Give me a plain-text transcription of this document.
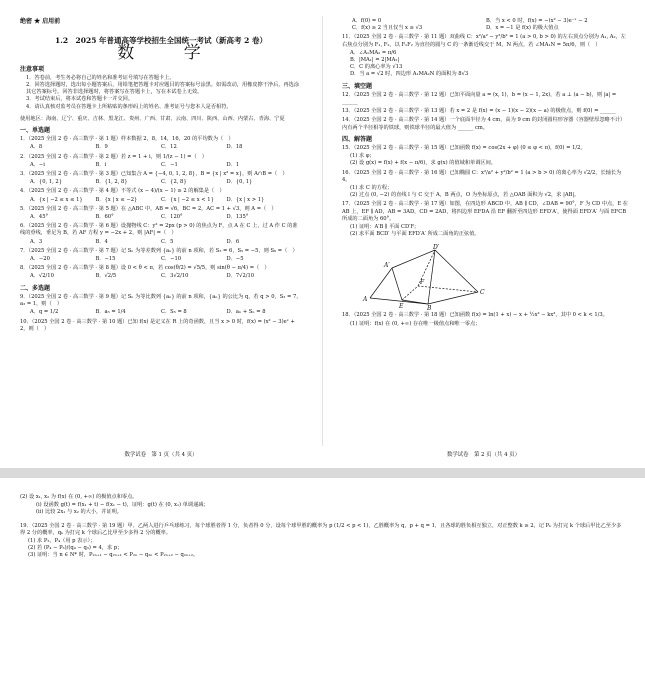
绝密 ★ 启用前
1.2　2025 年普通高等学校招生全国统一考试（新高考 2 卷）
数 学
注意事项
1．答卷前，考生务必将自己的姓名和准考证号填写在答题卡上。
2．回答选择题时，选出每小题答案后，用铅笔把答题卡对应题目的答案标号涂黑。如需改动，用橡皮擦干净后，再选涂其它答案标号。回答非选择题时，将答案写在答题卡上，写在本试卷上无效。
3．考试结束后，将本试卷和答题卡一并交回。
4．请认真核对监考员在答题卡上所粘贴的条形码上的姓名、准考证号与您本人是否相符。
使用地区：海南、辽宁、重庆、吉林、黑龙江、贵州、广西、甘肃、云南、四川、陕西、山西、内蒙古、青海、宁夏
一、单选题
1．（2025 全国 2 卷 · 高三数学 · 第 1 题）样本数据 2，8，14，16，20 的平均数为（　）
A．8	B．9	C．12	D．18
2．（2025 全国 2 卷 · 高三数学 · 第 2 题）若 z = 1 + i，则 1/(z − 1) =（　）
A．−i	B．i	C．−1	D．1
3．（2025 全国 2 卷 · 高三数学 · 第 3 题）已知集合 A = {−4, 0, 1, 2, 8}，B = {x | x³ = x}，则 A∩B =（　）
A．{0, 1, 2}	B．{1, 2, 8}	C．{2, 8}	D．{0, 1}
4．（2025 全国 2 卷 · 高三数学 · 第 4 题）不等式 (x − 4)/(x − 1) ≥ 2 的解集是（　）
A．{x | −2 ≤ x ≤ 1}	B．{x | x ≤ −2}	C．{x | −2 ≤ x < 1}	D．{x | x > 1}
5．（2025 全国 2 卷 · 高三数学 · 第 5 题）在 △ABC 中，AB = √6，BC = 2，AC = 1 + √3，则 A =（　）
A．45°	B．60°	C．120°	D．135°
6．（2025 全国 2 卷 · 高三数学 · 第 6 题）设抛物线 C：y² = 2px (p > 0) 的焦点为 F，点 A 在 C 上，过 A 作 C 的准线的垂线，垂足为 B，若 AF 方程 y = −2x + 2，则 |AF| =（　）
A．3	B．4	C．5	D．6
7．（2025 全国 2 卷 · 高三数学 · 第 7 题）记 Sₙ 为等差数列 {aₙ} 的前 n 项和，若 S₃ = 6，S₅ = −5，则 S₆ =（　）
A．−20	B．−15	C．−10	D．−5
8．（2025 全国 2 卷 · 高三数学 · 第 8 题）设 0 < θ < π，若 cos(θ/2) = √5/5，则 sin(θ − π/4) =（　）
A．√2/10	B．√2/5	C．3√2/10	D．7√2/10
二、多选题
9．（2025 全国 2 卷 · 高三数学 · 第 9 题）记 Sₙ 为等比数列 {aₙ} 的前 n 项和，{aₙ} 的公比为 q，若 q > 0，S₃ = 7，a₃ = 1，则（　）
A．q = 1/2	B．a₅ = 1/4	C．S₅ = 8	D．aₙ + Sₙ = 8
10．（2025 全国 2 卷 · 高三数学 · 第 10 题）已知 f(x) 是定义在 R 上的奇函数，且当 x > 0 时，f(x) = (x² − 3)eˣ + 2，则（　）
数学试卷　第 1 页（共 4 页）
A．f(0) = 0	B．当 x < 0 时，f(x) = −(x² − 3)e⁻ˣ − 2
C．f(x) ≥ 2 当且仅当 x ≥ √3	D．x = −1 是 f(x) 的极大值点
11．（2025 全国 2 卷 · 高三数学 · 第 11 题）双曲线 C：x²/a² − y²/b² = 1 (a > 0, b > 0) 的左右顶点分别为 A₁, A₂，左右焦点分别为 F₁, F₂，以 F₁F₂ 为直径的圆与 C 的一条渐近线交于 M，N 两点，若 ∠MA₁N = 5π/6，则（　）
A．∠A₁MA₂ = π/6
B．|MA₁| = 2|MA₂|
C．C 的离心率为 √13
D．当 a = √2 时，四边形 A₁MA₂N 的面积为 8√3
三、填空题
12．（2025 全国 2 卷 · 高三数学 · 第 12 题）已知平面向量 a = (x, 1)，b = (x − 1, 2x)，若 a ⊥ (a − b)，则 |a| = ______
13．（2025 全国 2 卷 · 高三数学 · 第 13 题）若 x = 2 是 f(x) = (x − 1)(x − 2)(x − a) 的极值点，则 f(0) = ______
14．（2025 全国 2 卷 · 高三数学 · 第 14 题）一个底面半径为 4 cm，高为 9 cm 的封闭圆柱形容器（容器壁厚忽略不计）内有两个半径相等的铁球，则铁球半径的最大值为 ______ cm。
四、解答题
15．（2025 全国 2 卷 · 高三数学 · 第 15 题）已知函数 f(x) = cos(2x + φ) (0 ≤ φ < π)，f(0) = 1/2。
(1) 求 φ；
(2) 设 g(x) = f(x) + f(x − π/6)，求 g(x) 的值域和单调区间。
16．（2025 全国 2 卷 · 高三数学 · 第 16 题）已知椭圆 C：x²/a² + y²/b² = 1 (a > b > 0) 的离心率为 √2/2，长轴长为 4。
(1) 求 C 的方程；
(2) 过点 (0, −2) 的直线 l 与 C 交于 A，B 两点，O 为坐标原点，若 △OAB 面积为 √2，求 |AB|。
17．（2025 全国 2 卷 · 高三数学 · 第 17 题）如图，在四边形 ABCD 中，AB ∥ CD，∠DAB = 90°，F 为 CD 中点，E 在 AB 上，EF ∥ AD，AB = 3AD，CD = 2AD，将四边形 EFDA 沿 EF 翻折至四边形 EFD′A′，使得面 EFD′A′ 与面 EFCB 所成的二面角为 60°。
(1) 证明：A′B ∥ 平面 CD′F；
(2) 求平面 BCD′ 与平面 EFD′A′ 所成二面角的正弦值。
D′
A′
F
C
A
E	B
18．（2025 全国 2 卷 · 高三数学 · 第 18 题）已知函数 f(x) = ln(1 + x) − x + ½x² − kx³，其中 0 < k < 1/3。
(1) 证明：f(x) 在 (0, +∞) 存在唯一极值点和唯一零点；
数学试卷　第 2 页（共 4 页）
(2) 设 x₁, x₂ 为 f(x) 在 (0, +∞) 的极值点和零点。
(i) 设函数 g(t) = f(x₁ + t) − f(x₁ − t)，证明：g(t) 在 (0, x₁) 单调递减；
(ii) 比较 2x₁ 与 x₂ 的大小，并证明。
19．（2025 全国 2 卷 · 高三数学 · 第 19 题）甲、乙两人进行乒乓球练习，每个球胜者得 1 分，负者得 0 分，设每个球甲胜的概率为 p (1/2 < p < 1)，乙胜概率为 q，p + q = 1，且各球的胜负相互独立，对正整数 k ≥ 2，记 Pₖ 为打完 k 个球后甲比乙至少多得 2 分的概率，qₖ 为打完 k 个球后乙比甲至少多得 2 分的概率。
(1) 求 P₃，P₄（用 p 表示）；
(2) 若 (P₄ − P₃)/(q₄ − q₃) = 4，求 p；
(3) 证明：当 n ∈ N* 时，P₂ₙ₊₁ − q₂ₙ₊₁ < P₂ₙ − q₂ₙ < P₂ₙ₊₂ − q₂ₙ₊₂。
